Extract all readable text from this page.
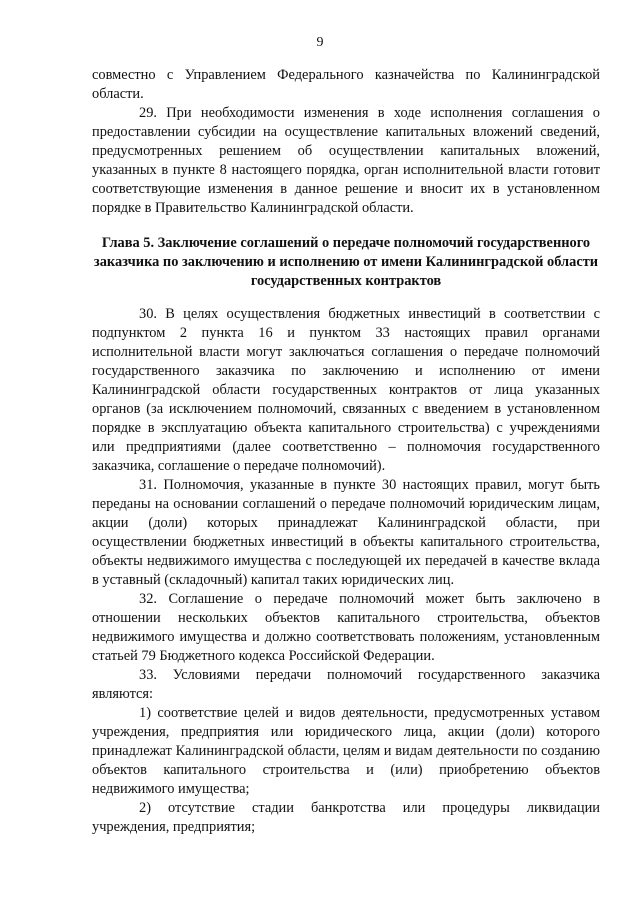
9

совместно с Управлением Федерального казначейства по Калининградской области.

29. При необходимости изменения в ходе исполнения соглашения о предоставлении субсидии на осуществление капитальных вложений сведений, предусмотренных решением об осуществлении капитальных вложений, указанных в пункте 8 настоящего порядка, орган исполнительной власти готовит соответствующие изменения в данное решение и вносит их в установленном порядке в Правительство Калининградской области.

Глава 5. Заключение соглашений о передаче полномочий государственного заказчика по заключению и исполнению от имени Калининградской области государственных контрактов

30. В целях осуществления бюджетных инвестиций в соответствии с подпунктом 2 пункта 16 и пунктом 33 настоящих правил органами исполнительной власти могут заключаться соглашения о передаче полномочий государственного заказчика по заключению и исполнению от имени Калининградской области государственных контрактов от лица указанных органов (за исключением полномочий, связанных с введением в установленном порядке в эксплуатацию объекта капитального строительства) с учреждениями или предприятиями (далее соответственно – полномочия государственного заказчика, соглашение о передаче полномочий).

31. Полномочия, указанные в пункте 30 настоящих правил, могут быть переданы на основании соглашений о передаче полномочий юридическим лицам, акции (доли) которых принадлежат Калининградской области, при осуществлении бюджетных инвестиций в объекты капитального строительства, объекты недвижимого имущества с последующей их передачей в качестве вклада в уставный (складочный) капитал таких юридических лиц.

32. Соглашение о передаче полномочий может быть заключено в отношении нескольких объектов капитального строительства, объектов недвижимого имущества и должно соответствовать положениям, установленным статьей 79 Бюджетного кодекса Российской Федерации.

33. Условиями передачи полномочий государственного заказчика являются:

1) соответствие целей и видов деятельности, предусмотренных уставом учреждения, предприятия или юридического лица, акции (доли) которого принадлежат Калининградской области, целям и видам деятельности по созданию объектов капитального строительства и (или) приобретению объектов недвижимого имущества;

2) отсутствие стадии банкротства или процедуры ликвидации учреждения, предприятия;
